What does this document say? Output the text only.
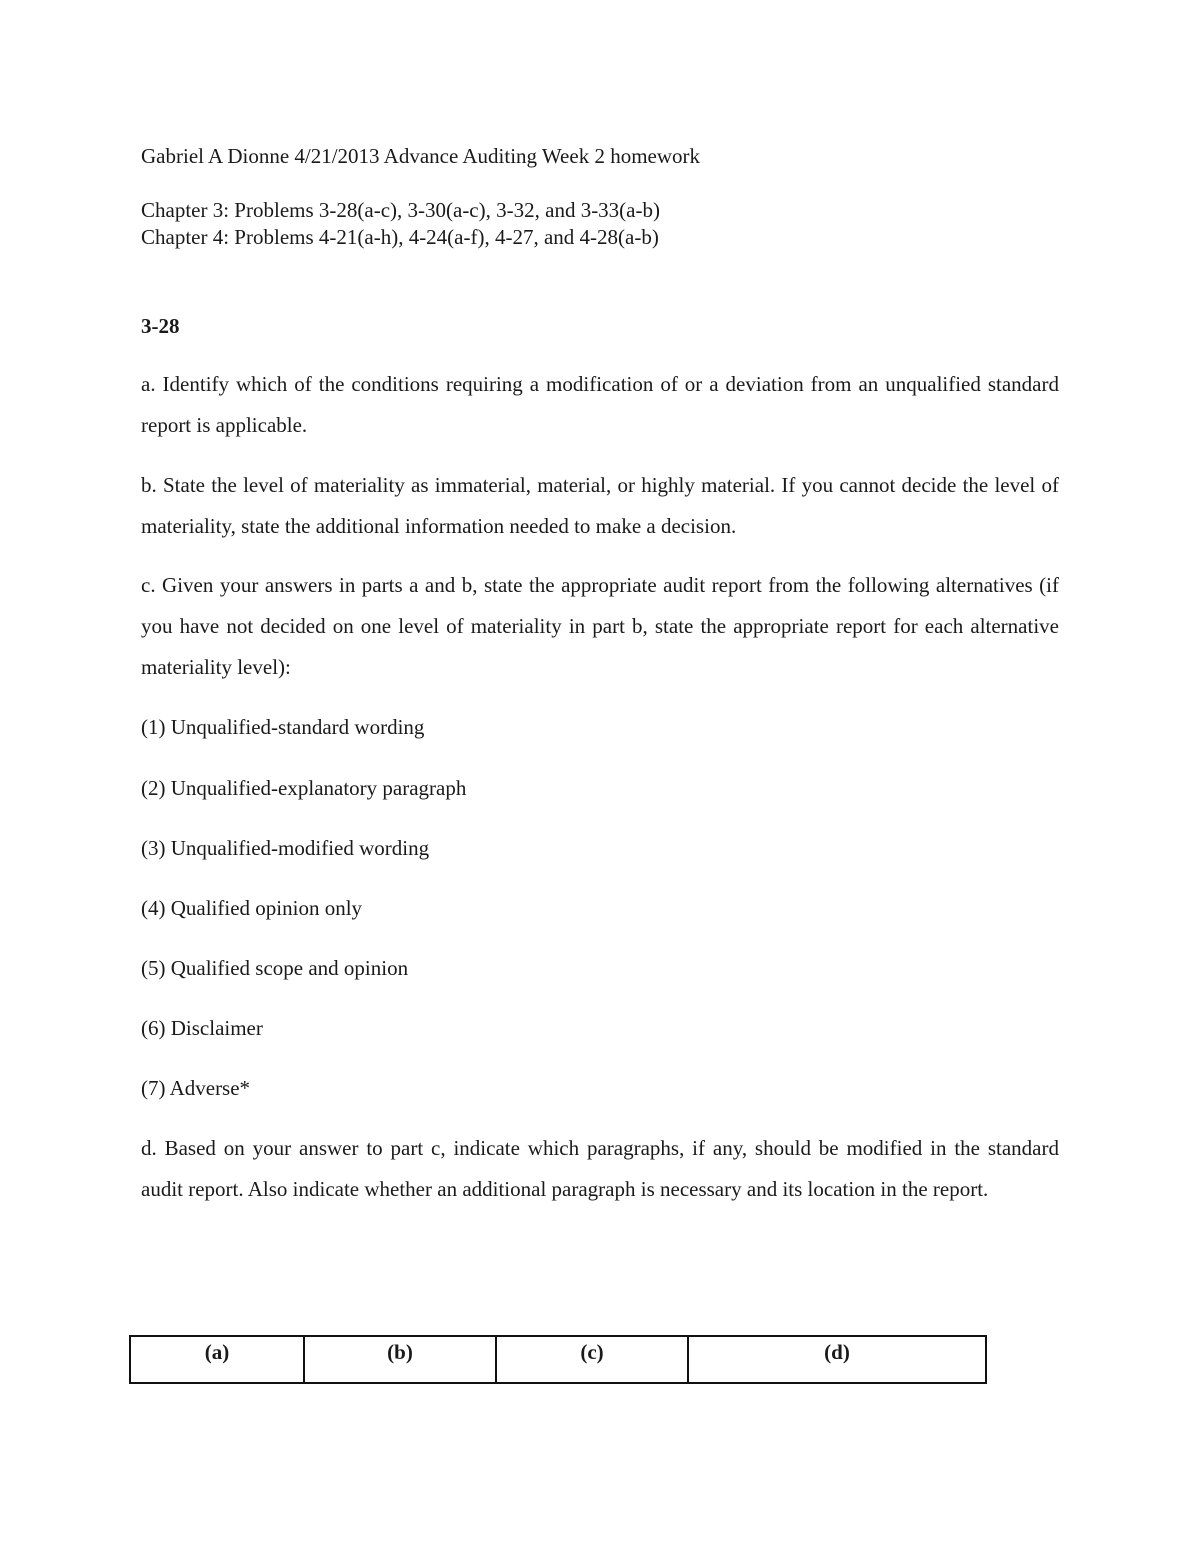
Gabriel A Dionne 4/21/2013 Advance Auditing Week 2 homework
Chapter 3: Problems 3-28(a-c), 3-30(a-c), 3-32, and 3-33(a-b)
Chapter 4: Problems 4-21(a-h), 4-24(a-f), 4-27, and 4-28(a-b)
3-28
a. Identify which of the conditions requiring a modification of or a deviation from an unqualified standard report is applicable.
b. State the level of materiality as immaterial, material, or highly material. If you cannot decide the level of materiality, state the additional information needed to make a decision.
c. Given your answers in parts a and b, state the appropriate audit report from the following alternatives (if you have not decided on one level of materiality in part b, state the appropriate report for each alternative materiality level):
(1) Unqualified-standard wording
(2) Unqualified-explanatory paragraph
(3) Unqualified-modified wording
(4) Qualified opinion only
(5) Qualified scope and opinion
(6) Disclaimer
(7) Adverse*
d. Based on your answer to part c, indicate which paragraphs, if any, should be modified in the standard audit report. Also indicate whether an additional paragraph is necessary and its location in the report.
(a)	(b)	(c)	(d)
